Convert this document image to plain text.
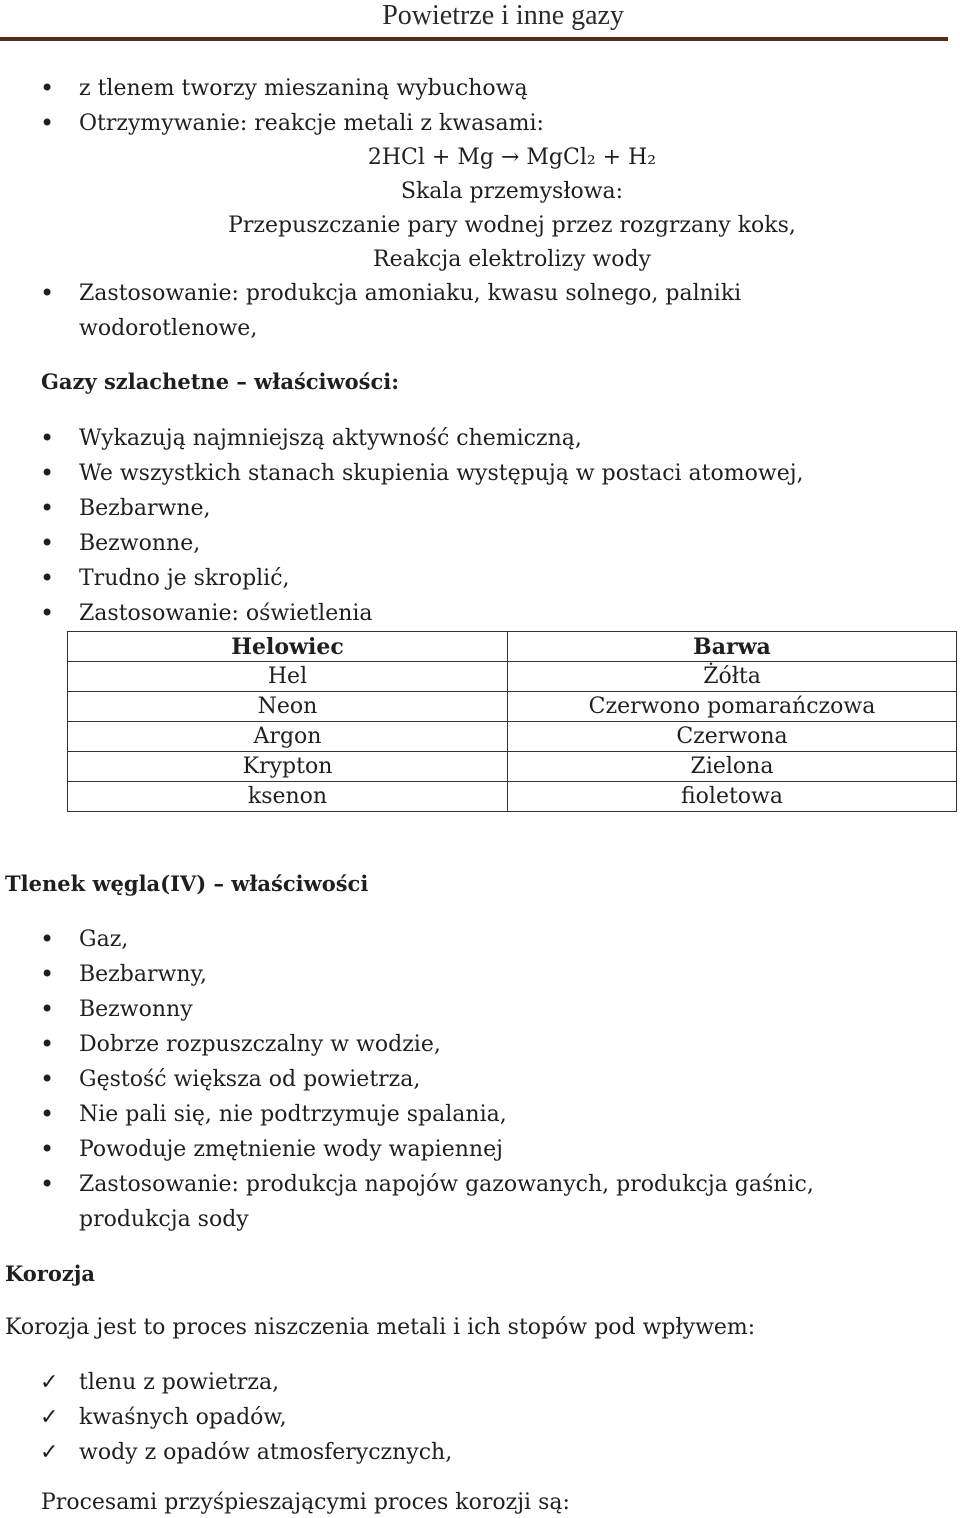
Powietrze i inne gazy
• z tlenem tworzy mieszaniną wybuchową
• Otrzymywanie: reakcje metali z kwasami:
2HCl + Mg → MgCl₂ + H₂
Skala przemysłowa:
Przepuszczanie pary wodnej przez rozgrzany koks,
Reakcja elektrolizy wody
• Zastosowanie: produkcja amoniaku, kwasu solnego, palniki wodorotlenowe,
Gazy szlachetne – właściwości:
• Wykazują najmniejszą aktywność chemiczną,
• We wszystkich stanach skupienia występują w postaci atomowej,
• Bezbarwne,
• Bezwonne,
• Trudno je skroplić,
• Zastosowanie: oświetlenia
Helowiec	Barwa
Hel	Żółta
Neon	Czerwono pomarańczowa
Argon	Czerwona
Krypton	Zielona
ksenon	fioletowa
Tlenek węgla(IV) – właściwości
• Gaz,
• Bezbarwny,
• Bezwonny
• Dobrze rozpuszczalny w wodzie,
• Gęstość większa od powietrza,
• Nie pali się, nie podtrzymuje spalania,
• Powoduje zmętnienie wody wapiennej
• Zastosowanie: produkcja napojów gazowanych, produkcja gaśnic, produkcja sody
Korozja
Korozja jest to proces niszczenia metali i ich stopów pod wpływem:
✓ tlenu z powietrza,
✓ kwaśnych opadów,
✓ wody z opadów atmosferycznych,
Procesami przyśpieszającymi proces korozji są:
